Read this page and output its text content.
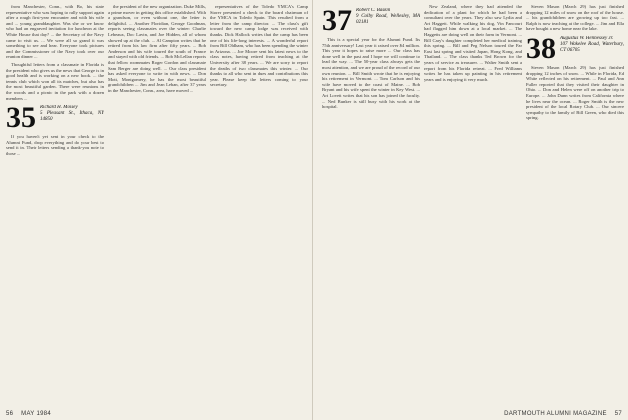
from Manchester, Conn., with Bo, his state representative who was hoping to rally support again after a rough first-year encounter and with his wife and ... young granddaughter. Was she or we know who had an engraved invitation for luncheon at the White House that day? ... the Secretary of the Navy came to visit us. ... We were all so grand it was something to see and hear. Everyone took pictures and the Commissioner of the Navy took over our reunion dinner ...

Thoughtful letters from a classmate in Florida is the president who gives us the news that George is in good health and is working on a new book. ... the tennis club which won all its matches, but also has the most beautiful garden. There were reunions in the woods and a picnic in the park with a dozen members ...

35 Richard H. Moisey
5 Pleasant St., Ithaca, NY 14850

If you haven't yet sent in your check to the Alumni Fund, drop everything and do your best to send it in. Their letters sending a thank-you note to those ...

the president of the new organization. Duke Mills, a prime mover in getting this office established. With a grandson, or even without one, the letter is delightful. ... Another Floridian, George Goodman, reports seeing classmates over the winter: Charlie Lebeaux, Doc Lavin, and Joe Hidden, all of whom showed up at the club. ... Al Campion writes that he retired from his law firm after fifty years. ... Bob Anderson and his wife toured the south of France and stayed with old friends. ... Bob McLellan reports that fellow roommates Roger Gordon and classmate Sam Berger are doing well. ... Our class president has asked everyone to write in with news. ... Don Mott, Montgomery, he has the most beautiful grandchildren ... Jim and Jean Leban, after 37 years in the Manchester, Conn., area, have moved ...

representatives of the Toledo YMCA's Camp Storer presented a check to the board chairman of the YMCA in Toledo Spain. This resulted from a letter from the camp director. ... The class's gift toward the new camp lodge was received with thanks. Dick Hallock writes that the camp has been one of his life-long interests. ... A wonderful report from Bill Oldham, who has been spending the winter in Arizona. ... Joe Moore sent his latest news to the class notes, having retired from teaching at the University after 38 years. ... We are sorry to report the deaths of two classmates this winter. ... Our thanks to all who sent in dues and contributions this year. Please keep the letters coming to your secretary.

56 MAY 1984
37 Robert C. Baskin
9 Colby Road, Wellesley, MA 02181

This is a special year for the Alumni Fund. Its 75th anniversary! Last year it raised over $4 million. This year it hopes to raise more ... Our class has done well in the past and I hope we will continue to lead the way. ... The 50-year class always gets the most attention, and we are proud of the record of our own reunion. ... Bill Smith wrote that he is enjoying his retirement in Vermont. ... Tom Carlson and his wife have moved to the coast of Maine. ... Bob Bryant and his wife spent the winter in Key West. ... Art Lovett writes that his son has joined the faculty. ... Ned Bunker is still busy with his work at the hospital.

New Zealand, where they had attended the dedication of a plant for which he had been a consultant over the years. They also saw Lydia and Art Haggett. While walking his dog, Vin Fancourt had flagged him down at a local market. ... The Haggetts are doing well on their farm in Vermont. ... Bill Cary's daughter completed her medical training this spring. ... Bill and Peg Nelson toured the Far East last spring and visited Japan, Hong Kong, and Thailand. ... The class thanks Ted Brown for the years of service as treasurer. ... Walter Smith sent a report from his Florida retreat. ... Fred Williams writes he has taken up painting in his retirement years and is enjoying it very much.

Steven Mason (March 29) has just finished dropping 12 miles of snow on the roof of the house. ... his grandchildren are growing up too fast. ... Ralph is now teaching at the college. ... Jim and Ella have bought a new home near the lake.

38 Augustus W. Hennessey Jr.
107 Wakelee Road, Waterbury, CT 06705

Steven Mason (March 29) has just finished dropping 12 inches of snow. ... While in Florida, Ed White reflected on his retirement. ... Paul and Ann Fuller reported that they visited their daughter in Ohio. ... Don and Helen were off on another trip to Europe. ... John Dunn writes from California where he lives near the ocean. ... Roger Smith is the new president of the local Rotary Club. ... Our sincere sympathy to the family of Bill Green, who died this spring.

DARTMOUTH ALUMNI MAGAZINE 57
